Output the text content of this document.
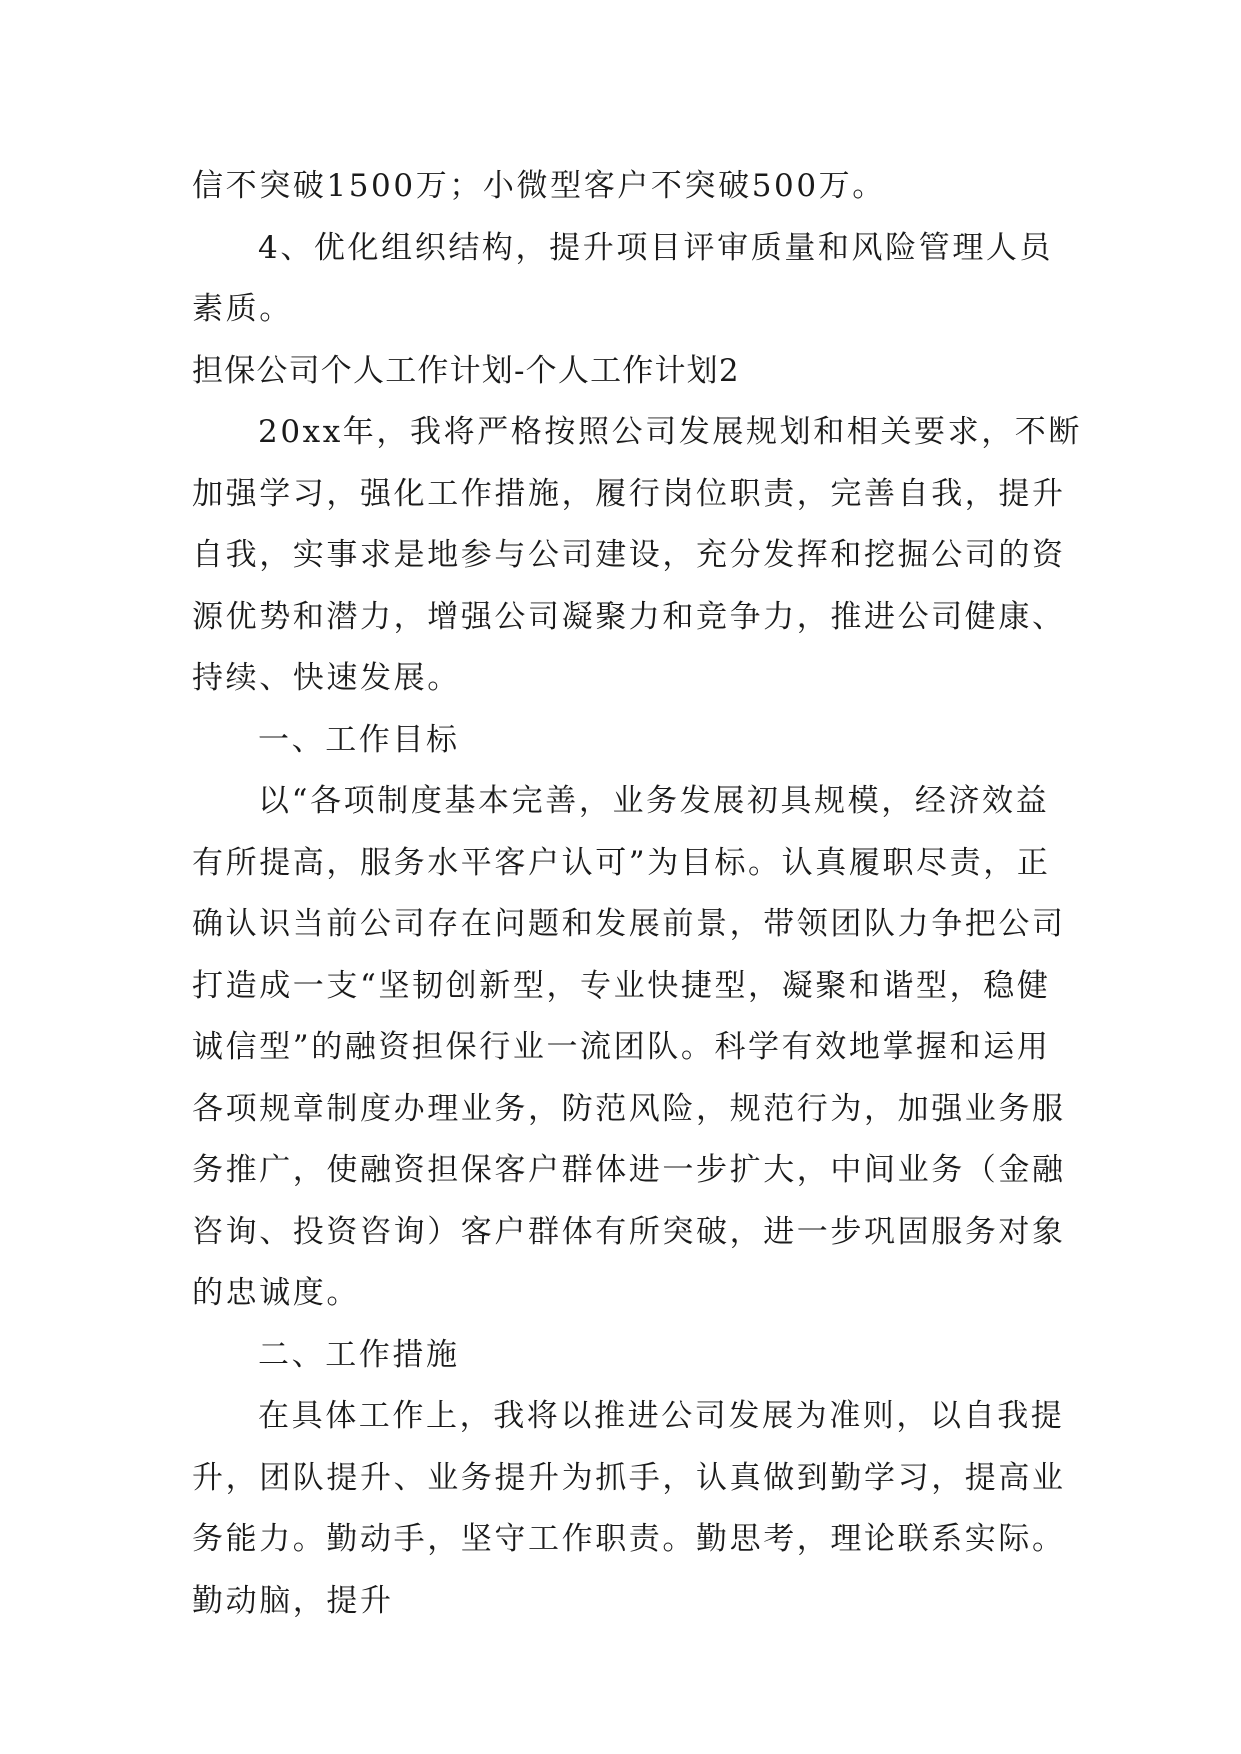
信不突破1500万；小微型客户不突破500万。
4、优化组织结构，提升项目评审质量和风险管理人员
素质。
担保公司个人工作计划-个人工作计划2
20xx年，我将严格按照公司发展规划和相关要求，不断
加强学习，强化工作措施，履行岗位职责，完善自我，提升
自我，实事求是地参与公司建设，充分发挥和挖掘公司的资
源优势和潜力，增强公司凝聚力和竞争力，推进公司健康、
持续、快速发展。
一、工作目标
以“各项制度基本完善，业务发展初具规模，经济效益
有所提高，服务水平客户认可”为目标。认真履职尽责，正
确认识当前公司存在问题和发展前景，带领团队力争把公司
打造成一支“坚韧创新型，专业快捷型，凝聚和谐型，稳健
诚信型”的融资担保行业一流团队。科学有效地掌握和运用
各项规章制度办理业务，防范风险，规范行为，加强业务服
务推广，使融资担保客户群体进一步扩大，中间业务（金融
咨询、投资咨询）客户群体有所突破，进一步巩固服务对象
的忠诚度。
二、工作措施
在具体工作上，我将以推进公司发展为准则，以自我提
升，团队提升、业务提升为抓手，认真做到勤学习，提高业
务能力。勤动手，坚守工作职责。勤思考，理论联系实际。
勤动脑，提升
